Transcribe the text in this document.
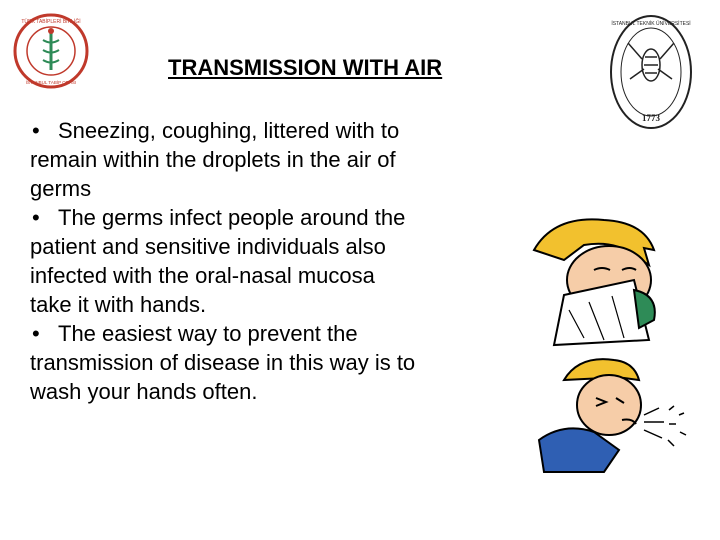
TÜRK TABİPLERİ BİRLİĞİ
İSTANBUL TABİP ODASI
İSTANBUL TEKNİK ÜNİVERSİTESİ
1773
TRANSMISSION WITH AIR
• Sneezing, coughing, littered with to
remain within the droplets in the air of
germs
• The germs infect people around the
patient and sensitive individuals also
infected with the oral-nasal mucosa
take it with hands.
• The easiest way to prevent the
transmission of disease in this way is to
wash your hands often.
